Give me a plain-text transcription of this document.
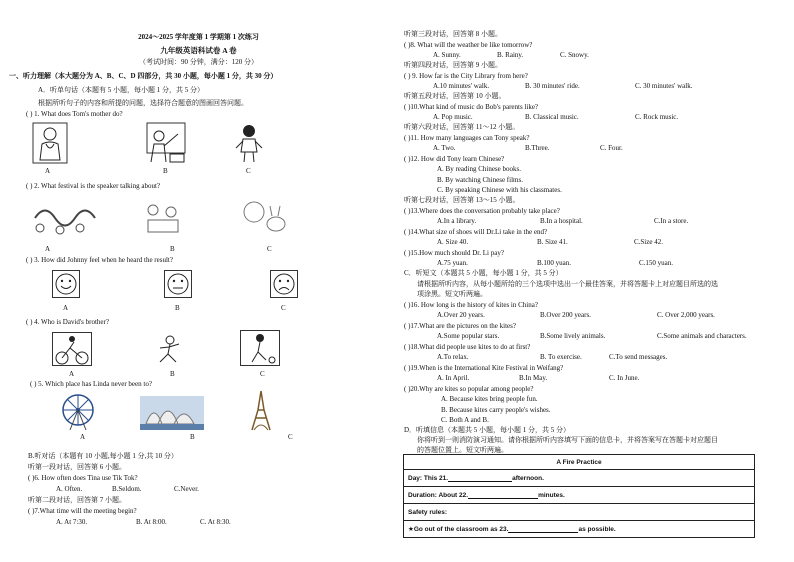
2024～2025 学年度第 1 学期第 1 次练习
九年级英语科试卷 A 卷
（考试时间：90 分钟，满分：120 分）
一、听力理解（本大题分为 A、B、C、D 四部分，共 30 小题，每小题 1 分，共 30 分）
A．听单句话（本题有 5 小题，每小题 1 分，共 5 分）
根据所听句子的内容和所提的问题，选择符合题意的图画回答问题。
( ) 1. What does Tom's mother do?
A	B	C
( ) 2. What festival is the speaker talking about?
A	B	C
( ) 3. How did Johnny feel when he heard the result?
A	B	C
( ) 4. Who is David's brother?
A	B	C
( ) 5. Which place has Linda never been to?
A	B	C
B.听对话（本题有 10 小题,每小题 1 分,共 10 分）
听第一段对话，回答第 6 小题。
( )6. How often does Tina use Tik Tok?
A. Often.	B.Seldom.	C.Never.
听第二段对话，回答第 7 小题。
( )7.What time will the meeting begin?
A. At 7:30.	B. At 8:00.	C. At 8:30.
听第三段对话，回答第 8 小题。
( )8. What will the weather be like tomorrow?
A. Sunny.	B. Rainy.	C. Snowy.
听第四段对话，回答第 9 小题。
( ) 9. How far is the City Library from here?
A.10 minutes' walk.	B. 30 minutes' ride.	C. 30 minutes' walk.
听第五段对话，回答第 10 小题。
( )10.What kind of music do Bob's parents like?
A. Pop music.	B. Classical music.	C. Rock music.
听第六段对话，回答第 11～12 小题。
( )11. How many languages can Tony speak?
A. Two.	B.Three.	C. Four.
( )12. How did Tony learn Chinese?
A. By reading Chinese books.
B. By watching Chinese films.
C. By speaking Chinese with his classmates.
听第七段对话，回答第 13～15 小题。
( )13.Where does the conversation probably take place?
A.In a library.	B.In a hospital.	C.In a store.
( )14.What size of shoes will Dr.Li take in the end?
A. Size 40.	B. Size 41.	C.Size 42.
( )15.How much should Dr. Li pay?
A.75 yuan.	B.100 yuan.	C.150 yuan.
C．听短文（本题共 5 小题，每小题 1 分，共 5 分）
请根据所听内容，从每小题所给的三个选项中选出一个最佳答案，并将答题卡上对应题目所选的选
项涂黑。短文听两遍。
( )16. How long is the history of kites in China?
A.Over 20 years.	B.Over 200 years.	C. Over 2,000 years.
( )17.What are the pictures on the kites?
A.Some popular stars.	B.Some lively animals.	C.Some animals and characters.
( )18.What did people use kites to do at first?
A.To relax.	B. To exercise.	C.To send messages.
( )19.When is the International Kite Festival in Weifang?
A. In April.	B.In May.	C. In June.
( )20.Why are kites so popular among people?
A. Because kites bring people fun.
B. Because kites carry people's wishes.
C. Both A and B.
D．听填信息（本题共 5 小题，每小题 1 分，共 5 分）
你将听到一则消防演习通知。请你根据所听内容填写下面的信息卡，并将答案写在答题卡对应题目
的答题位置上。短文听两遍。
A Fire Practice
Day: This 21.	afternoon.
Duration: About 22.	minutes.
Safety rules:
★Go out of the classroom as 23.	as possible.
